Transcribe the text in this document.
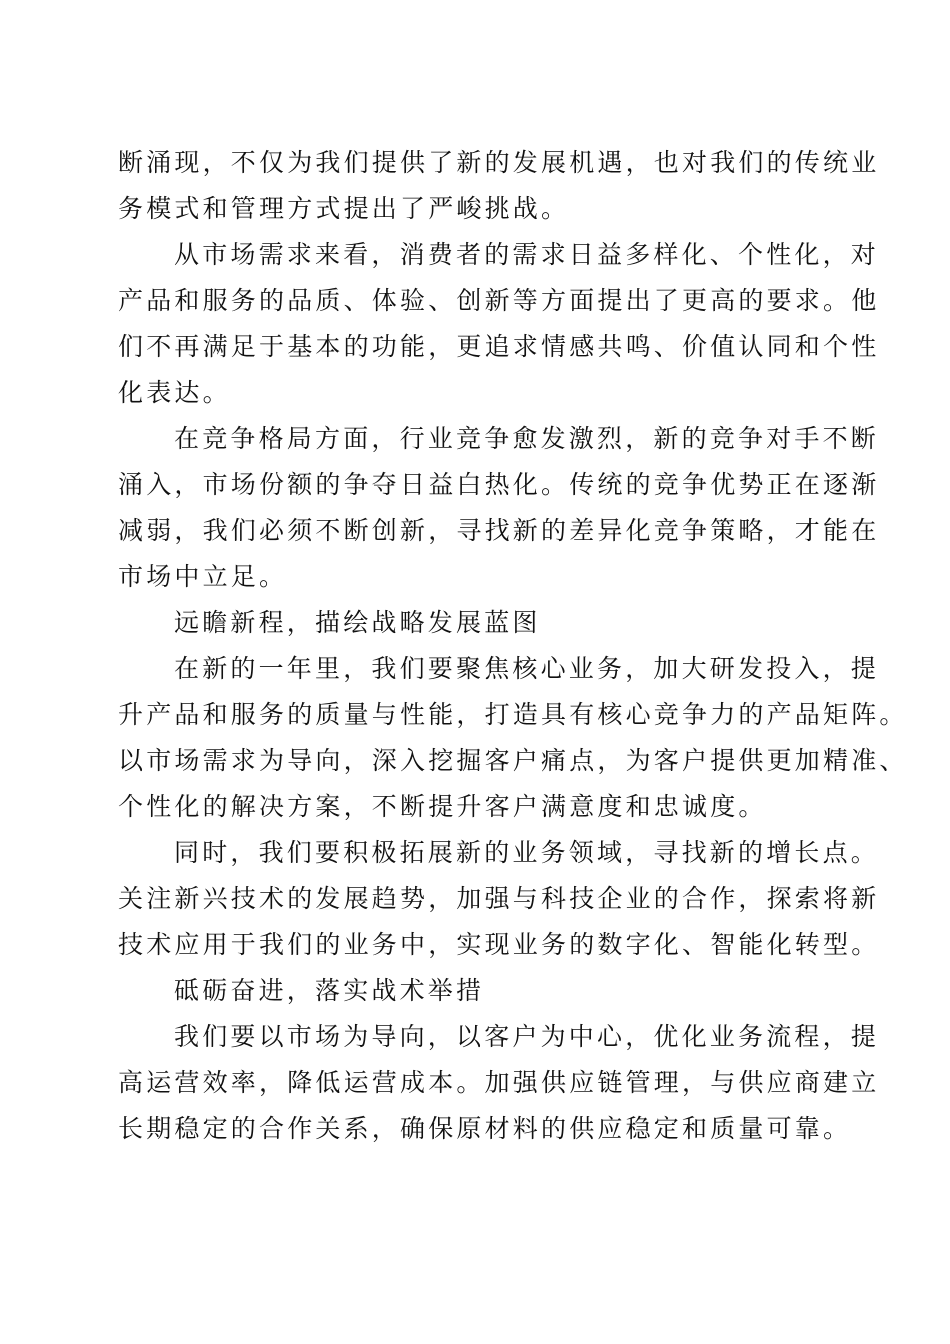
断涌现，不仅为我们提供了新的发展机遇，也对我们的传统业
务模式和管理方式提出了严峻挑战。
从市场需求来看，消费者的需求日益多样化、个性化，对
产品和服务的品质、体验、创新等方面提出了更高的要求。他
们不再满足于基本的功能，更追求情感共鸣、价值认同和个性
化表达。
在竞争格局方面，行业竞争愈发激烈，新的竞争对手不断
涌入，市场份额的争夺日益白热化。传统的竞争优势正在逐渐
减弱，我们必须不断创新，寻找新的差异化竞争策略，才能在
市场中立足。
远瞻新程，描绘战略发展蓝图
在新的一年里，我们要聚焦核心业务，加大研发投入，提
升产品和服务的质量与性能，打造具有核心竞争力的产品矩阵。
以市场需求为导向，深入挖掘客户痛点，为客户提供更加精准、
个性化的解决方案，不断提升客户满意度和忠诚度。
同时，我们要积极拓展新的业务领域，寻找新的增长点。
关注新兴技术的发展趋势，加强与科技企业的合作，探索将新
技术应用于我们的业务中，实现业务的数字化、智能化转型。
砥砺奋进，落实战术举措
我们要以市场为导向，以客户为中心，优化业务流程，提
高运营效率，降低运营成本。加强供应链管理，与供应商建立
长期稳定的合作关系，确保原材料的供应稳定和质量可靠。
